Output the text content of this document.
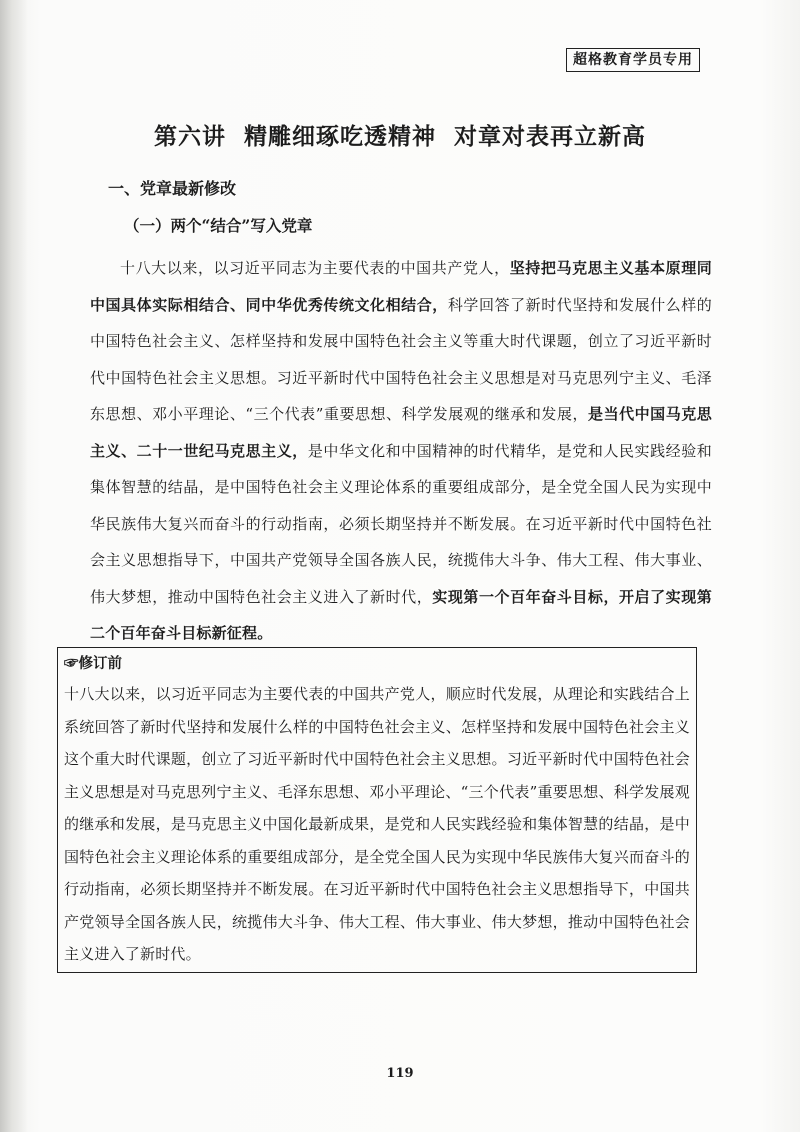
超格教育学员专用
第六讲  精雕细琢吃透精神  对章对表再立新高
一、党章最新修改
（一）两个“结合”写入党章
十八大以来，以习近平同志为主要代表的中国共产党人，坚持把马克思主义基本原理同中国具体实际相结合、同中华优秀传统文化相结合，科学回答了新时代坚持和发展什么样的中国特色社会主义、怎样坚持和发展中国特色社会主义等重大时代课题，创立了习近平新时代中国特色社会主义思想。习近平新时代中国特色社会主义思想是对马克思列宁主义、毛泽东思想、邓小平理论、“三个代表”重要思想、科学发展观的继承和发展，是当代中国马克思主义、二十一世纪马克思主义，是中华文化和中国精神的时代精华，是党和人民实践经验和集体智慧的结晶，是中国特色社会主义理论体系的重要组成部分，是全党全国人民为实现中华民族伟大复兴而奋斗的行动指南，必须长期坚持并不断发展。在习近平新时代中国特色社会主义思想指导下，中国共产党领导全国各族人民，统揽伟大斗争、伟大工程、伟大事业、伟大梦想，推动中国特色社会主义进入了新时代，实现第一个百年奋斗目标，开启了实现第二个百年奋斗目标新征程。
☞修订前
十八大以来，以习近平同志为主要代表的中国共产党人，顺应时代发展，从理论和实践结合上系统回答了新时代坚持和发展什么样的中国特色社会主义、怎样坚持和发展中国特色社会主义这个重大时代课题，创立了习近平新时代中国特色社会主义思想。习近平新时代中国特色社会主义思想是对马克思列宁主义、毛泽东思想、邓小平理论、“三个代表”重要思想、科学发展观的继承和发展，是马克思主义中国化最新成果，是党和人民实践经验和集体智慧的结晶，是中国特色社会主义理论体系的重要组成部分，是全党全国人民为实现中华民族伟大复兴而奋斗的行动指南，必须长期坚持并不断发展。在习近平新时代中国特色社会主义思想指导下，中国共产党领导全国各族人民，统揽伟大斗争、伟大工程、伟大事业、伟大梦想，推动中国特色社会主义进入了新时代。
119
